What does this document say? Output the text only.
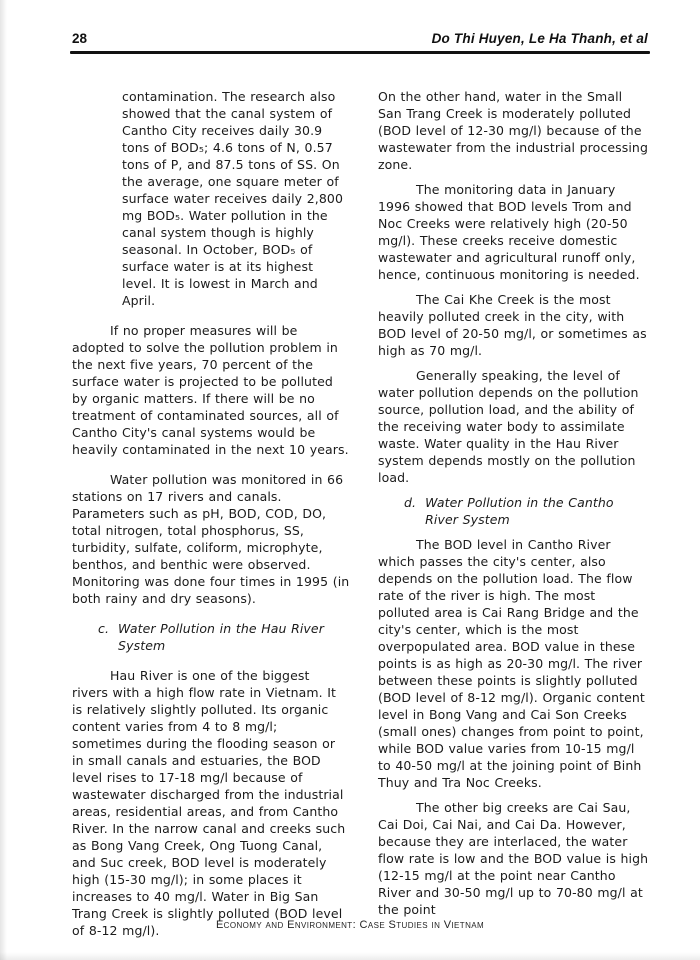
28	Do Thi Huyen, Le Ha Thanh, et al

contamination. The research also showed that the canal system of Cantho City receives daily 30.9 tons of BOD₅; 4.6 tons of N, 0.57 tons of P, and 87.5 tons of SS. On the average, one square meter of surface water receives daily 2,800 mg BOD₅. Water pollution in the canal system though is highly seasonal. In October, BOD₅ of surface water is at its highest level. It is lowest in March and April.

If no proper measures will be adopted to solve the pollution problem in the next five years, 70 percent of the surface water is projected to be polluted by organic matters. If there will be no treatment of contaminated sources, all of Cantho City's canal systems would be heavily contaminated in the next 10 years.

Water pollution was monitored in 66 stations on 17 rivers and canals. Parameters such as pH, BOD, COD, DO, total nitrogen, total phosphorus, SS, turbidity, sulfate, coliform, microphyte, benthos, and benthic were observed. Monitoring was done four times in 1995 (in both rainy and dry seasons).

c. Water Pollution in the Hau River System

Hau River is one of the biggest rivers with a high flow rate in Vietnam. It is relatively slightly polluted. Its organic content varies from 4 to 8 mg/l; sometimes during the flooding season or in small canals and estuaries, the BOD level rises to 17-18 mg/l because of wastewater discharged from the industrial areas, residential areas, and from Cantho River. In the narrow canal and creeks such as Bong Vang Creek, Ong Tuong Canal, and Suc creek, BOD level is moderately high (15-30 mg/l); in some places it increases to 40 mg/l. Water in Big San Trang Creek is slightly polluted (BOD level of 8-12 mg/l).

On the other hand, water in the Small San Trang Creek is moderately polluted (BOD level of 12-30 mg/l) because of the wastewater from the industrial processing zone.

The monitoring data in January 1996 showed that BOD levels Trom and Noc Creeks were relatively high (20-50 mg/l). These creeks receive domestic wastewater and agricultural runoff only, hence, continuous monitoring is needed.

The Cai Khe Creek is the most heavily polluted creek in the city, with BOD level of 20-50 mg/l, or sometimes as high as 70 mg/l.

Generally speaking, the level of water pollution depends on the pollution source, pollution load, and the ability of the receiving water body to assimilate waste. Water quality in the Hau River system depends mostly on the pollution load.

d. Water Pollution in the Cantho River System

The BOD level in Cantho River which passes the city's center, also depends on the pollution load. The flow rate of the river is high. The most polluted area is Cai Rang Bridge and the city's center, which is the most overpopulated area. BOD value in these points is as high as 20-30 mg/l. The river between these points is slightly polluted (BOD level of 8-12 mg/l). Organic content level in Bong Vang and Cai Son Creeks (small ones) changes from point to point, while BOD value varies from 10-15 mg/l to 40-50 mg/l at the joining point of Binh Thuy and Tra Noc Creeks.

The other big creeks are Cai Sau, Cai Doi, Cai Nai, and Cai Da. However, because they are interlaced, the water flow rate is low and the BOD value is high (12-15 mg/l at the point near Cantho River and 30-50 mg/l up to 70-80 mg/l at the point

Economy and Environment: Case Studies in Vietnam
